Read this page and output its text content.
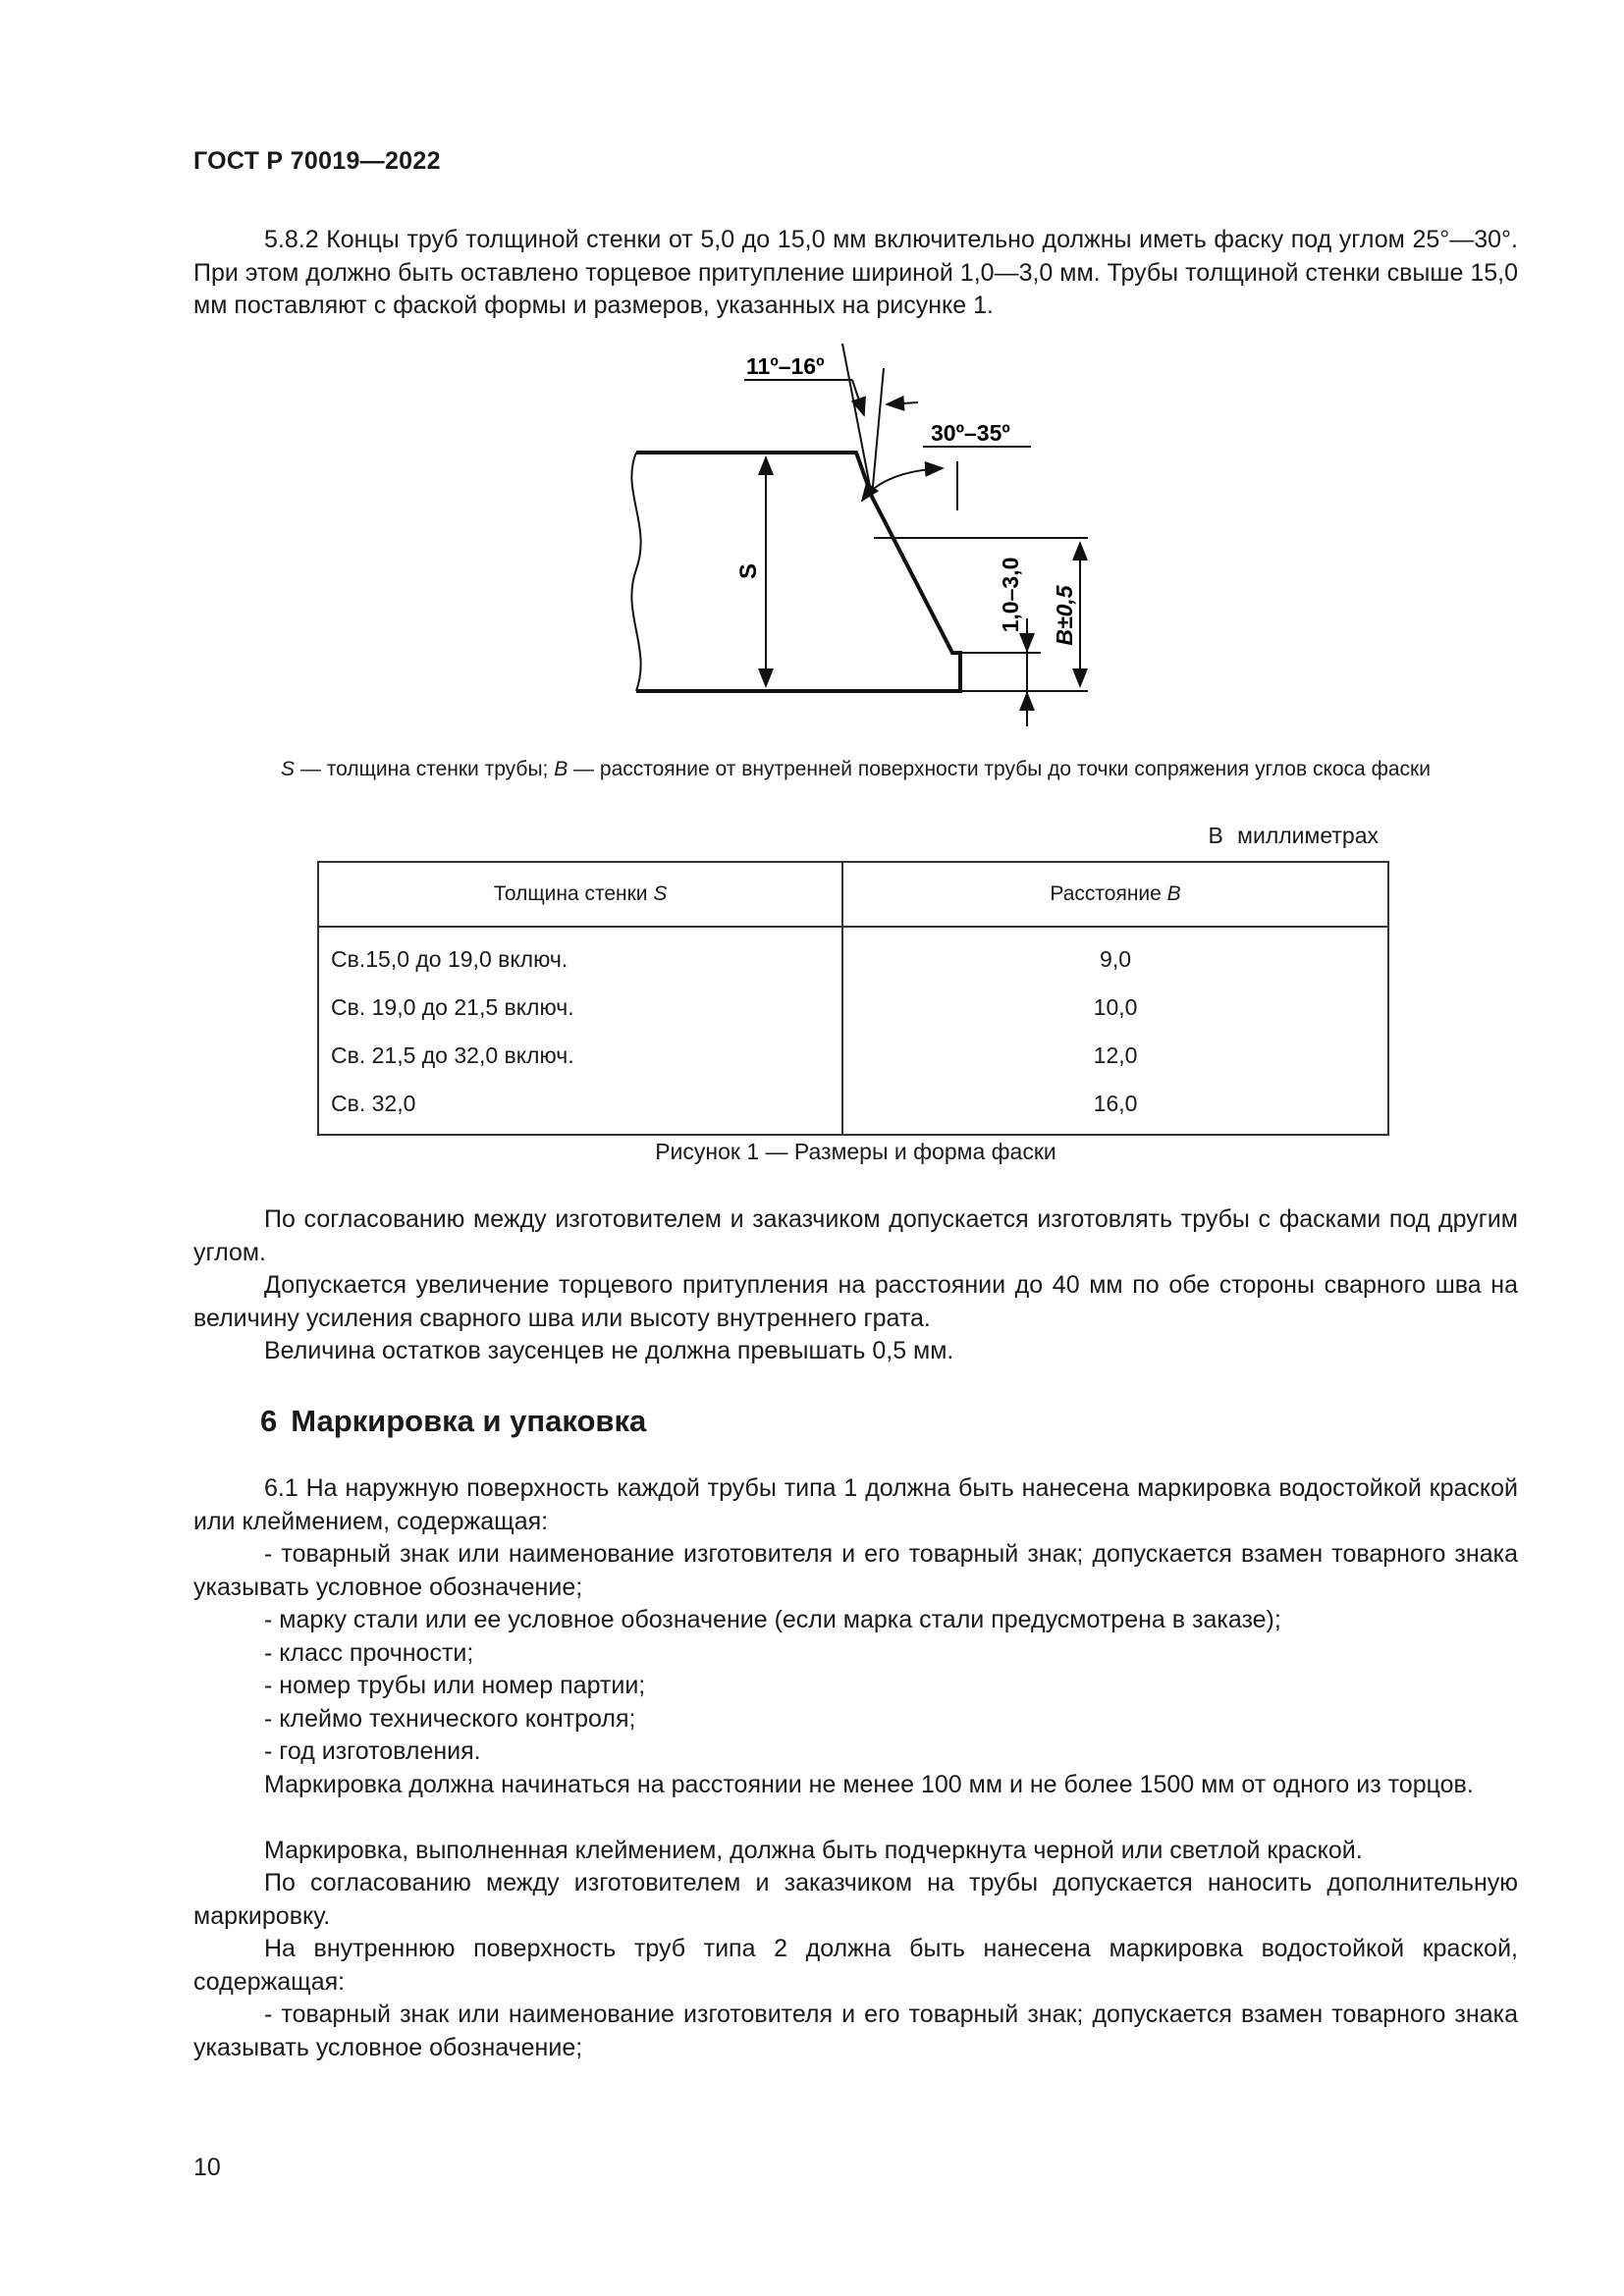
ГОСТ Р 70019—2022

5.8.2 Концы труб толщиной стенки от 5,0 до 15,0 мм включительно должны иметь фаску под углом 25°—30°. При этом должно быть оставлено торцевое притупление шириной 1,0—3,0 мм. Трубы толщиной стенки свыше 15,0 мм поставляют с фаской формы и размеров, указанных на рисунке 1.

S
11º–16º
30º–35º
1,0–3,0 B±0,5
S — толщина стенки трубы; B — расстояние от внутренней поверхности трубы до точки сопряжения углов скоса фаски
В миллиметрах
Толщина стенки S	Расстояние B
Св.15,0 до 19,0 включ.	9,0
Св. 19,0 до 21,5 включ.	10,0
Св. 21,5 до 32,0 включ.	12,0
Св. 32,0	16,0
Рисунок 1 — Размеры и форма фаски

По согласованию между изготовителем и заказчиком допускается изготовлять трубы с фасками под другим углом.

Допускается увеличение торцевого притупления на расстоянии до 40 мм по обе стороны сварного шва на величину усиления сварного шва или высоту внутреннего грата.

Величина остатков заусенцев не должна превышать 0,5 мм.

6 Маркировка и упаковка

6.1 На наружную поверхность каждой трубы типа 1 должна быть нанесена маркировка водостойкой краской или клеймением, содержащая:

- товарный знак или наименование изготовителя и его товарный знак; допускается взамен товарного знака указывать условное обозначение;

- марку стали или ее условное обозначение (если марка стали предусмотрена в заказе);

- класс прочности;

- номер трубы или номер партии;

- клеймо технического контроля;

- год изготовления.

Маркировка должна начинаться на расстоянии не менее 100 мм и не более 1500 мм от одного из торцов.

Маркировка, выполненная клеймением, должна быть подчеркнута черной или светлой краской.

По согласованию между изготовителем и заказчиком на трубы допускается наносить дополнительную маркировку.

На внутреннюю поверхность труб типа 2 должна быть нанесена маркировка водостойкой краской, содержащая:

- товарный знак или наименование изготовителя и его товарный знак; допускается взамен товарного знака указывать условное обозначение;

10
